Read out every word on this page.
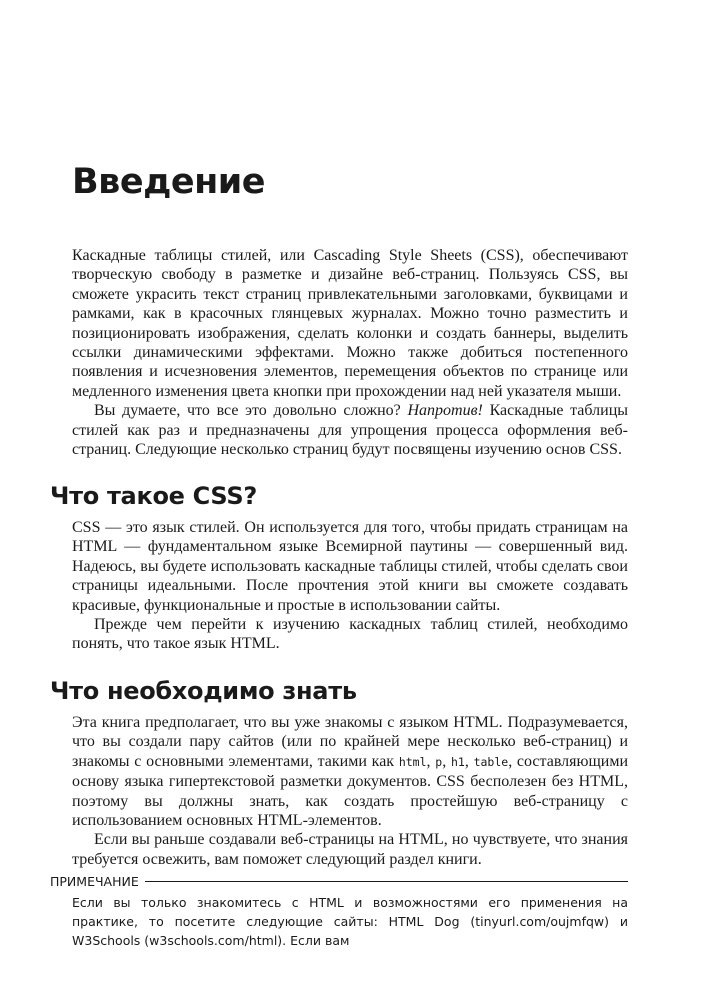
Введение

Каскадные таблицы стилей, или Cascading Style Sheets (CSS), обеспечивают творческую свободу в разметке и дизайне веб-страниц. Пользуясь CSS, вы сможете украсить текст страниц привлекательными заголовками, буквицами и рамками, как в красочных глянцевых журналах. Можно точно разместить и позиционировать изображения, сделать колонки и создать баннеры, выделить ссылки динамическими эффектами. Можно также добиться постепенного появления и исчезновения элементов, перемещения объектов по странице или медленного изменения цвета кнопки при прохождении над ней указателя мыши.

Вы думаете, что все это довольно сложно? Напротив! Каскадные таблицы стилей как раз и предназначены для упрощения процесса оформления веб-страниц. Следующие несколько страниц будут посвящены изучению основ CSS.

Что такое CSS?

CSS — это язык стилей. Он используется для того, чтобы придать страницам на HTML — фундаментальном языке Всемирной паутины — совершенный вид. Надеюсь, вы будете использовать каскадные таблицы стилей, чтобы сделать свои страницы идеальными. После прочтения этой книги вы сможете создавать красивые, функциональные и простые в использовании сайты.

Прежде чем перейти к изучению каскадных таблиц стилей, необходимо понять, что такое язык HTML.

Что необходимо знать

Эта книга предполагает, что вы уже знакомы с языком HTML. Подразумевается, что вы создали пару сайтов (или по крайней мере несколько веб-страниц) и знакомы с основными элементами, такими как html, p, h1, table, составляющими основу языка гипертекстовой разметки документов. CSS бесполезен без HTML, поэтому вы должны знать, как создать простейшую веб-страницу с использованием основных HTML-элементов.

Если вы раньше создавали веб-страницы на HTML, но чувствуете, что знания требуется освежить, вам поможет следующий раздел книги.

ПРИМЕЧАНИЕ
Если вы только знакомитесь с HTML и возможностями его применения на практике, то посетите следующие сайты: HTML Dog (tinyurl.com/oujmfqw) и W3Schools (w3schools.com/html). Если вам
